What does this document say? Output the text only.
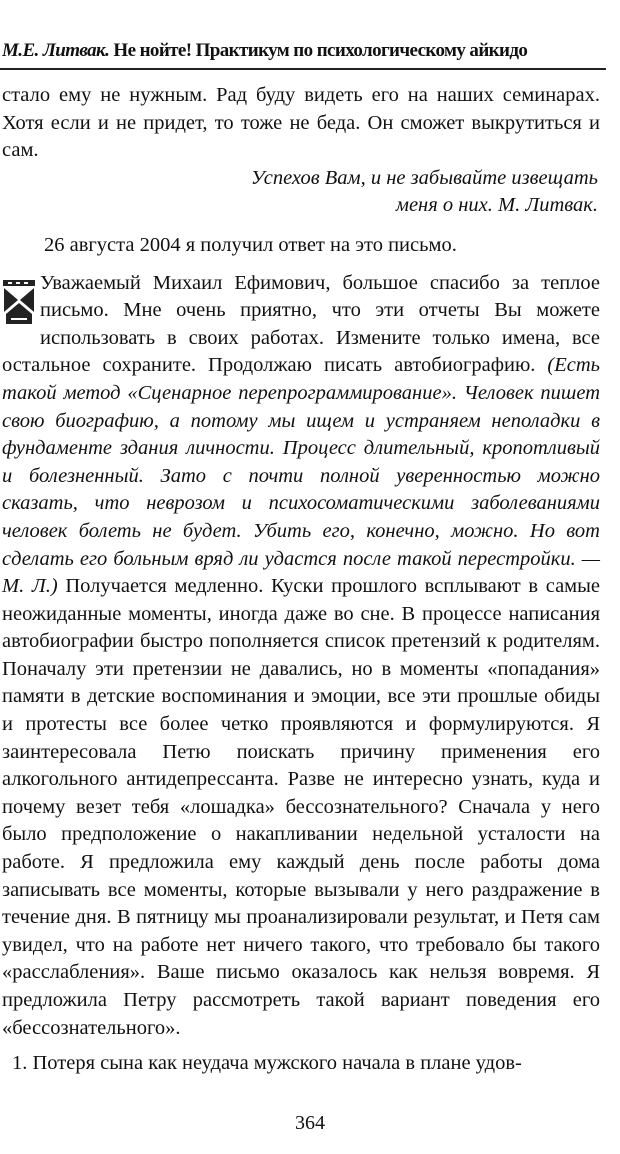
М.Е. Литвак. Не нойте! Практикум по психологическому айкидо

стало ему не нужным. Рад буду видеть его на наших семинарах. Хотя если и не придет, то тоже не беда. Он сможет выкрутиться и сам.

Успехов Вам, и не забывайте извещать
меня о них. М. Литвак.

26 августа 2004 я получил ответ на это письмо.

Уважаемый Михаил Ефимович, большое спасибо за теплое письмо. Мне очень приятно, что эти отчеты Вы можете использовать в своих работах. Измените только имена, все остальное сохраните. Продолжаю писать автобиографию. (Есть такой метод «Сценарное перепрограммирование». Человек пишет свою биографию, а потому мы ищем и устраняем неполадки в фундаменте здания личности. Процесс длительный, кропотливый и болезненный. Зато с почти полной уверенностью можно сказать, что неврозом и психосоматическими заболеваниями человек болеть не будет. Убить его, конечно, можно. Но вот сделать его больным вряд ли удастся после такой перестройки. — М. Л.) Получается медленно. Куски прошлого всплывают в самые неожиданные моменты, иногда даже во сне. В процессе написания автобиографии быстро пополняется список претензий к родителям. Поначалу эти претензии не давались, но в моменты «попадания» памяти в детские воспоминания и эмоции, все эти прошлые обиды и протесты все более четко проявляются и формулируются. Я заинтересовала Петю поискать причину применения его алкогольного антидепрессанта. Разве не интересно узнать, куда и почему везет тебя «лошадка» бессознательного? Сначала у него было предположение о накапливании недельной усталости на работе. Я предложила ему каждый день после работы дома записывать все моменты, которые вызывали у него раздражение в течение дня. В пятницу мы проанализировали результат, и Петя сам увидел, что на работе нет ничего такого, что требовало бы такого «расслабления». Ваше письмо оказалось как нельзя вовремя. Я предложила Петру рассмотреть такой вариант поведения его «бессознательного».

1. Потеря сына как неудача мужского начала в плане удов-

364
